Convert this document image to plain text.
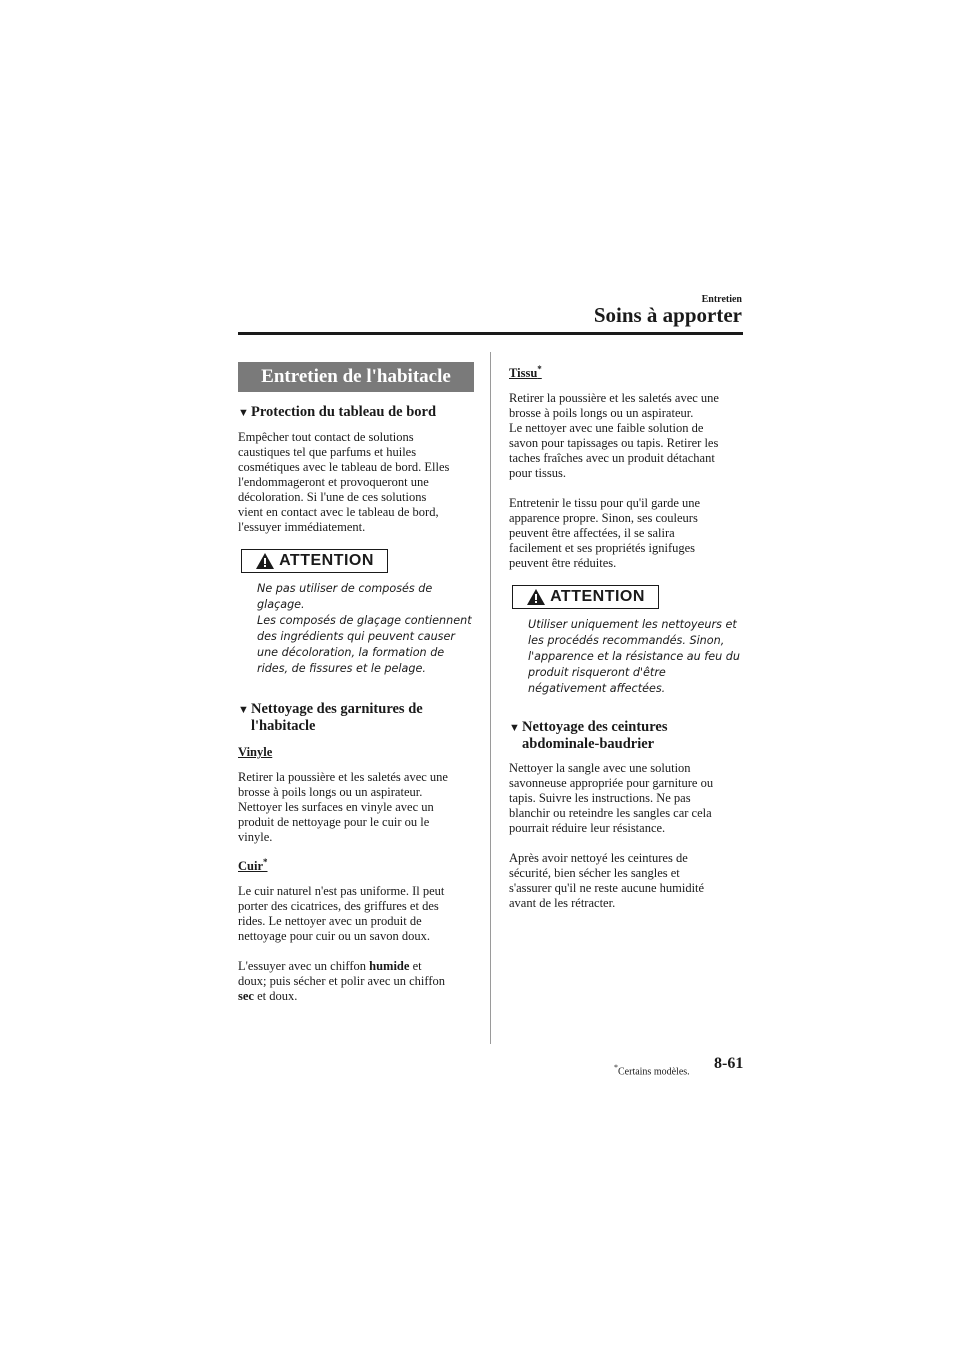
Entretien
Soins à apporter
Entretien de l'habitacle
▼ Protection du tableau de bord

Empêcher tout contact de solutions

caustiques tel que parfums et huiles

cosmétiques avec le tableau de bord. Elles

l'endommageront et provoqueront une

décoloration. Si l'une de ces solutions

vient en contact avec le tableau de bord,

l'essuyer immédiatement.

ATTENTION
Ne pas utiliser de composés de
glaçage.
Les composés de glaçage contiennent
des ingrédients qui peuvent causer
une décoloration, la formation de
rides, de fissures et le pelage.
▼ Nettoyage des garnitures de
l'habitacle
Vinyle

Retirer la poussière et les saletés avec une

brosse à poils longs ou un aspirateur.

Nettoyer les surfaces en vinyle avec un

produit de nettoyage pour le cuir ou le

vinyle.

Cuir*

Le cuir naturel n'est pas uniforme. Il peut

porter des cicatrices, des griffures et des

rides. Le nettoyer avec un produit de

nettoyage pour cuir ou un savon doux.

L'essuyer avec un chiffon humide et

doux; puis sécher et polir avec un chiffon

sec et doux.

Tissu*

Retirer la poussière et les saletés avec une

brosse à poils longs ou un aspirateur.

Le nettoyer avec une faible solution de

savon pour tapissages ou tapis. Retirer les

taches fraîches avec un produit détachant

pour tissus.

Entretenir le tissu pour qu'il garde une

apparence propre. Sinon, ses couleurs

peuvent être affectées, il se salira

facilement et ses propriétés ignifuges

peuvent être réduites.

ATTENTION
Utiliser uniquement les nettoyeurs et
les procédés recommandés. Sinon,
l'apparence et la résistance au feu du
produit risqueront d'être
négativement affectées.
▼ Nettoyage des ceintures
abdominale-baudrier

Nettoyer la sangle avec une solution

savonneuse appropriée pour garniture ou

tapis. Suivre les instructions. Ne pas

blanchir ou reteindre les sangles car cela

pourrait réduire leur résistance.

Après avoir nettoyé les ceintures de

sécurité, bien sécher les sangles et

s'assurer qu'il ne reste aucune humidité

avant de les rétracter.

*Certains modèles. 8-61
